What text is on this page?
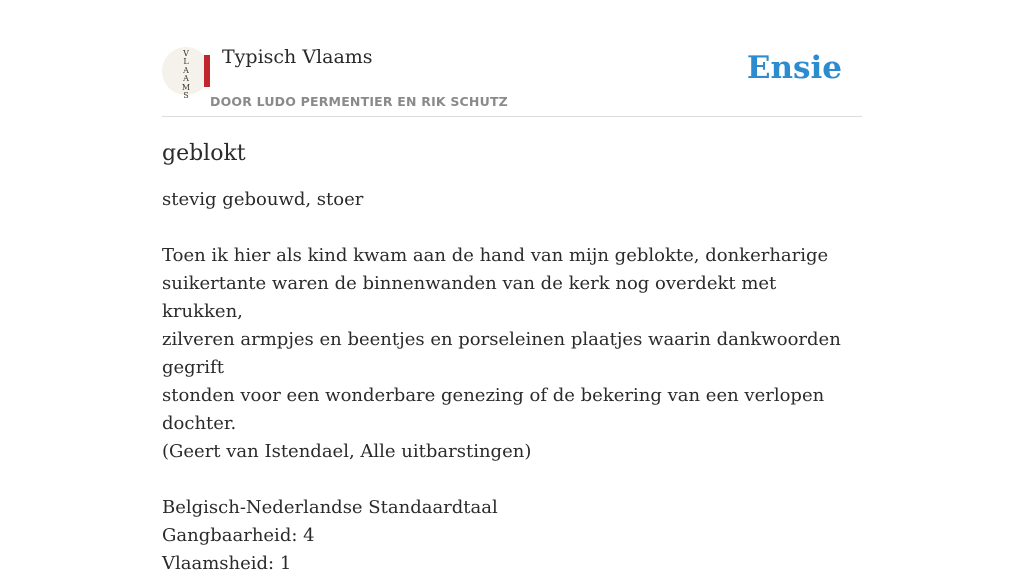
V
L
A
A
M
S
Typisch Vlaams
DOOR LUDO PERMENTIER EN RIK SCHUTZ
Ensie
geblokt

stevig gebouwd, stoer

Toen ik hier als kind kwam aan de hand van mijn geblokte, donkerharige

suikertante waren de binnenwanden van de kerk nog overdekt met krukken,

zilveren armpjes en beentjes en porseleinen plaatjes waarin dankwoorden gegrift

stonden voor een wonderbare genezing of de bekering van een verlopen dochter.

(Geert van Istendael, Alle uitbarstingen)

Belgisch-Nederlandse Standaardtaal

Gangbaarheid: 4

Vlaamsheid: 1
